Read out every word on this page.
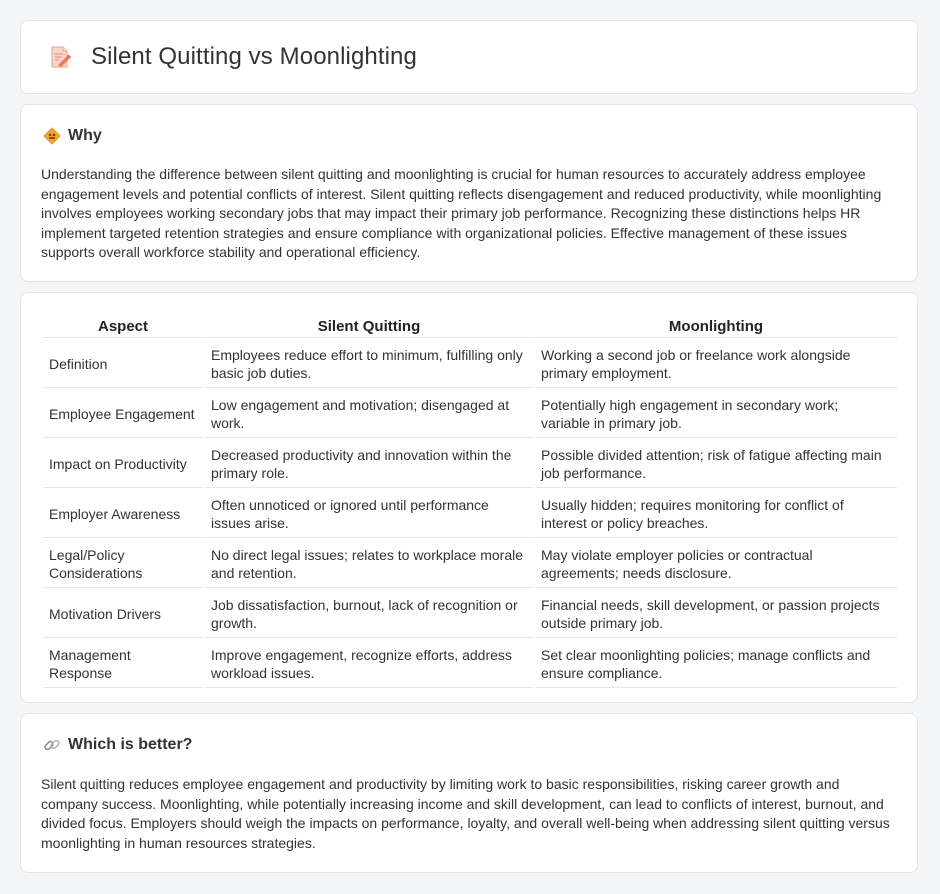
Silent Quitting vs Moonlighting
Why
Understanding the difference between silent quitting and moonlighting is crucial for human resources to accurately address employee engagement levels and potential conflicts of interest. Silent quitting reflects disengagement and reduced productivity, while moonlighting involves employees working secondary jobs that may impact their primary job performance. Recognizing these distinctions helps HR implement targeted retention strategies and ensure compliance with organizational policies. Effective management of these issues supports overall workforce stability and operational efficiency.
Aspect	Silent Quitting	Moonlighting
Definition	Employees reduce effort to minimum, fulfilling only basic job duties.	Working a second job or freelance work alongside primary employment.
Employee Engagement	Low engagement and motivation; disengaged at work.	Potentially high engagement in secondary work; variable in primary job.
Impact on Productivity	Decreased productivity and innovation within the primary role.	Possible divided attention; risk of fatigue affecting main job performance.
Employer Awareness	Often unnoticed or ignored until performance issues arise.	Usually hidden; requires monitoring for conflict of interest or policy breaches.
Legal/Policy Considerations	No direct legal issues; relates to workplace morale and retention.	May violate employer policies or contractual agreements; needs disclosure.
Motivation Drivers	Job dissatisfaction, burnout, lack of recognition or growth.	Financial needs, skill development, or passion projects outside primary job.
Management Response	Improve engagement, recognize efforts, address workload issues.	Set clear moonlighting policies; manage conflicts and ensure compliance.
Which is better?
Silent quitting reduces employee engagement and productivity by limiting work to basic responsibilities, risking career growth and company success. Moonlighting, while potentially increasing income and skill development, can lead to conflicts of interest, burnout, and divided focus. Employers should weigh the impacts on performance, loyalty, and overall well-being when addressing silent quitting versus moonlighting in human resources strategies.
